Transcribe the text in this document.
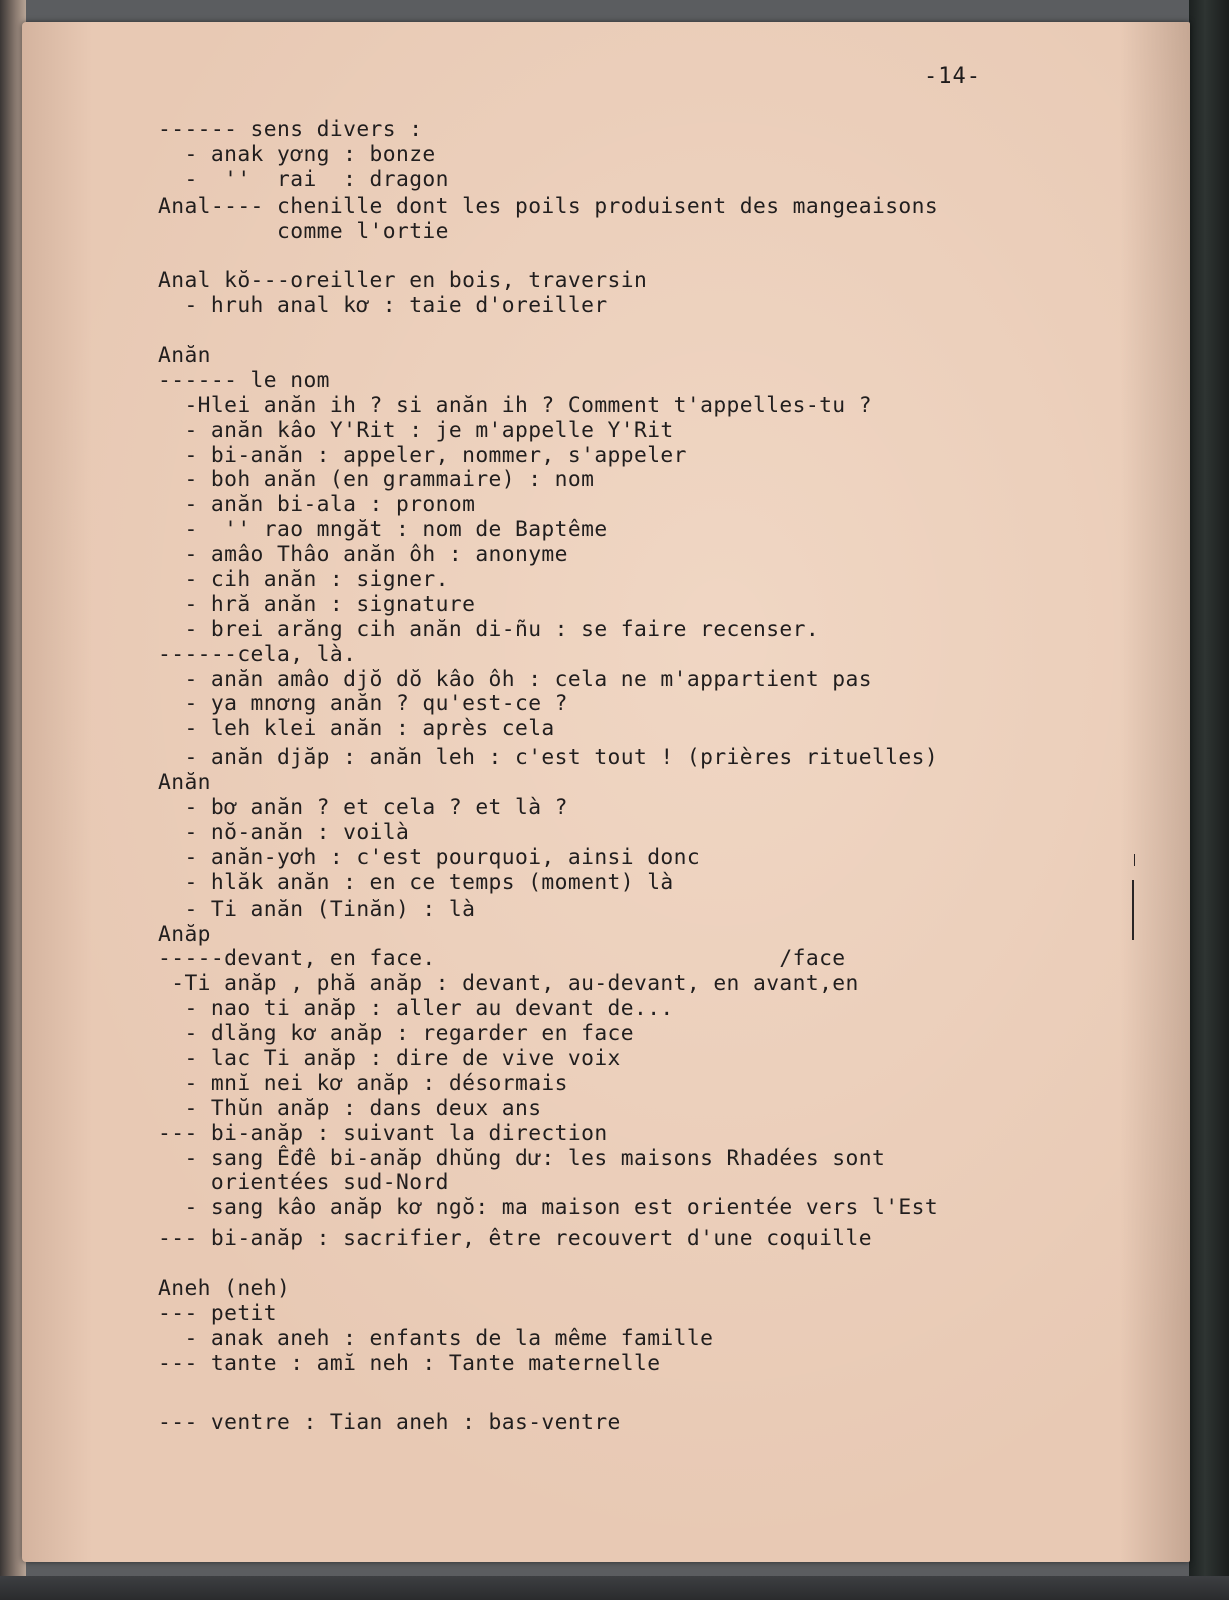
-14-
------ sens divers :
- anak yơng : bonze
-  ''  rai  : dragon
Anal---- chenille dont les poils produisent des mangeaisons
comme l'ortie
Anal kŏ---oreiller en bois, traversin
- hruh anal kơ : taie d'oreiller
Anăn
------ le nom
-Hlei anăn ih ? si anăn ih ? Comment t'appelles-tu ?
- anăn kâo Y'Rit : je m'appelle Y'Rit
- bi-anăn : appeler, nommer, s'appeler
- boh anăn (en grammaire) : nom
- anăn bi-ala : pronom
-  '' rao mngăt : nom de Baptême
- amâo Thâo anăn ôh : anonyme
- cih anăn : signer.
- hră anăn : signature
- brei arăng cih anăn di-ñu : se faire recenser.
------cela, là.
- anăn amâo djŏ dŏ kâo ôh : cela ne m'appartient pas
- ya mnơng anăn ? qu'est-ce ?
- leh klei anăn : après cela
- anăn djăp : anăn leh : c'est tout ! (prières rituelles)
Anăn
- bơ anăn ? et cela ? et là ?
- nŏ-anăn : voilà
- anăn-yơh : c'est pourquoi, ainsi donc
- hlăk anăn : en ce temps (moment) là
- Ti anăn (Tinăn) : là
Anăp
-----devant, en face.                          /face
-Ti anăp , phă anăp : devant, au-devant, en avant,en
- nao ti anăp : aller au devant de...
- dlăng kơ anăp : regarder en face
- lac Ti anăp : dire de vive voix
- mnĭ nei kơ anăp : désormais
- Thŭn anăp : dans deux ans
--- bi-anăp : suivant la direction
- sang Êđê bi-anăp dhŭng dư: les maisons Rhadées sont
orientées sud-Nord
- sang kâo anăp kơ ngŏ: ma maison est orientée vers l'Est
--- bi-anăp : sacrifier, être recouvert d'une coquille
Aneh (neh)
--- petit
- anak aneh : enfants de la même famille
--- tante : amĭ neh : Tante maternelle
--- ventre : Tian aneh : bas-ventre
